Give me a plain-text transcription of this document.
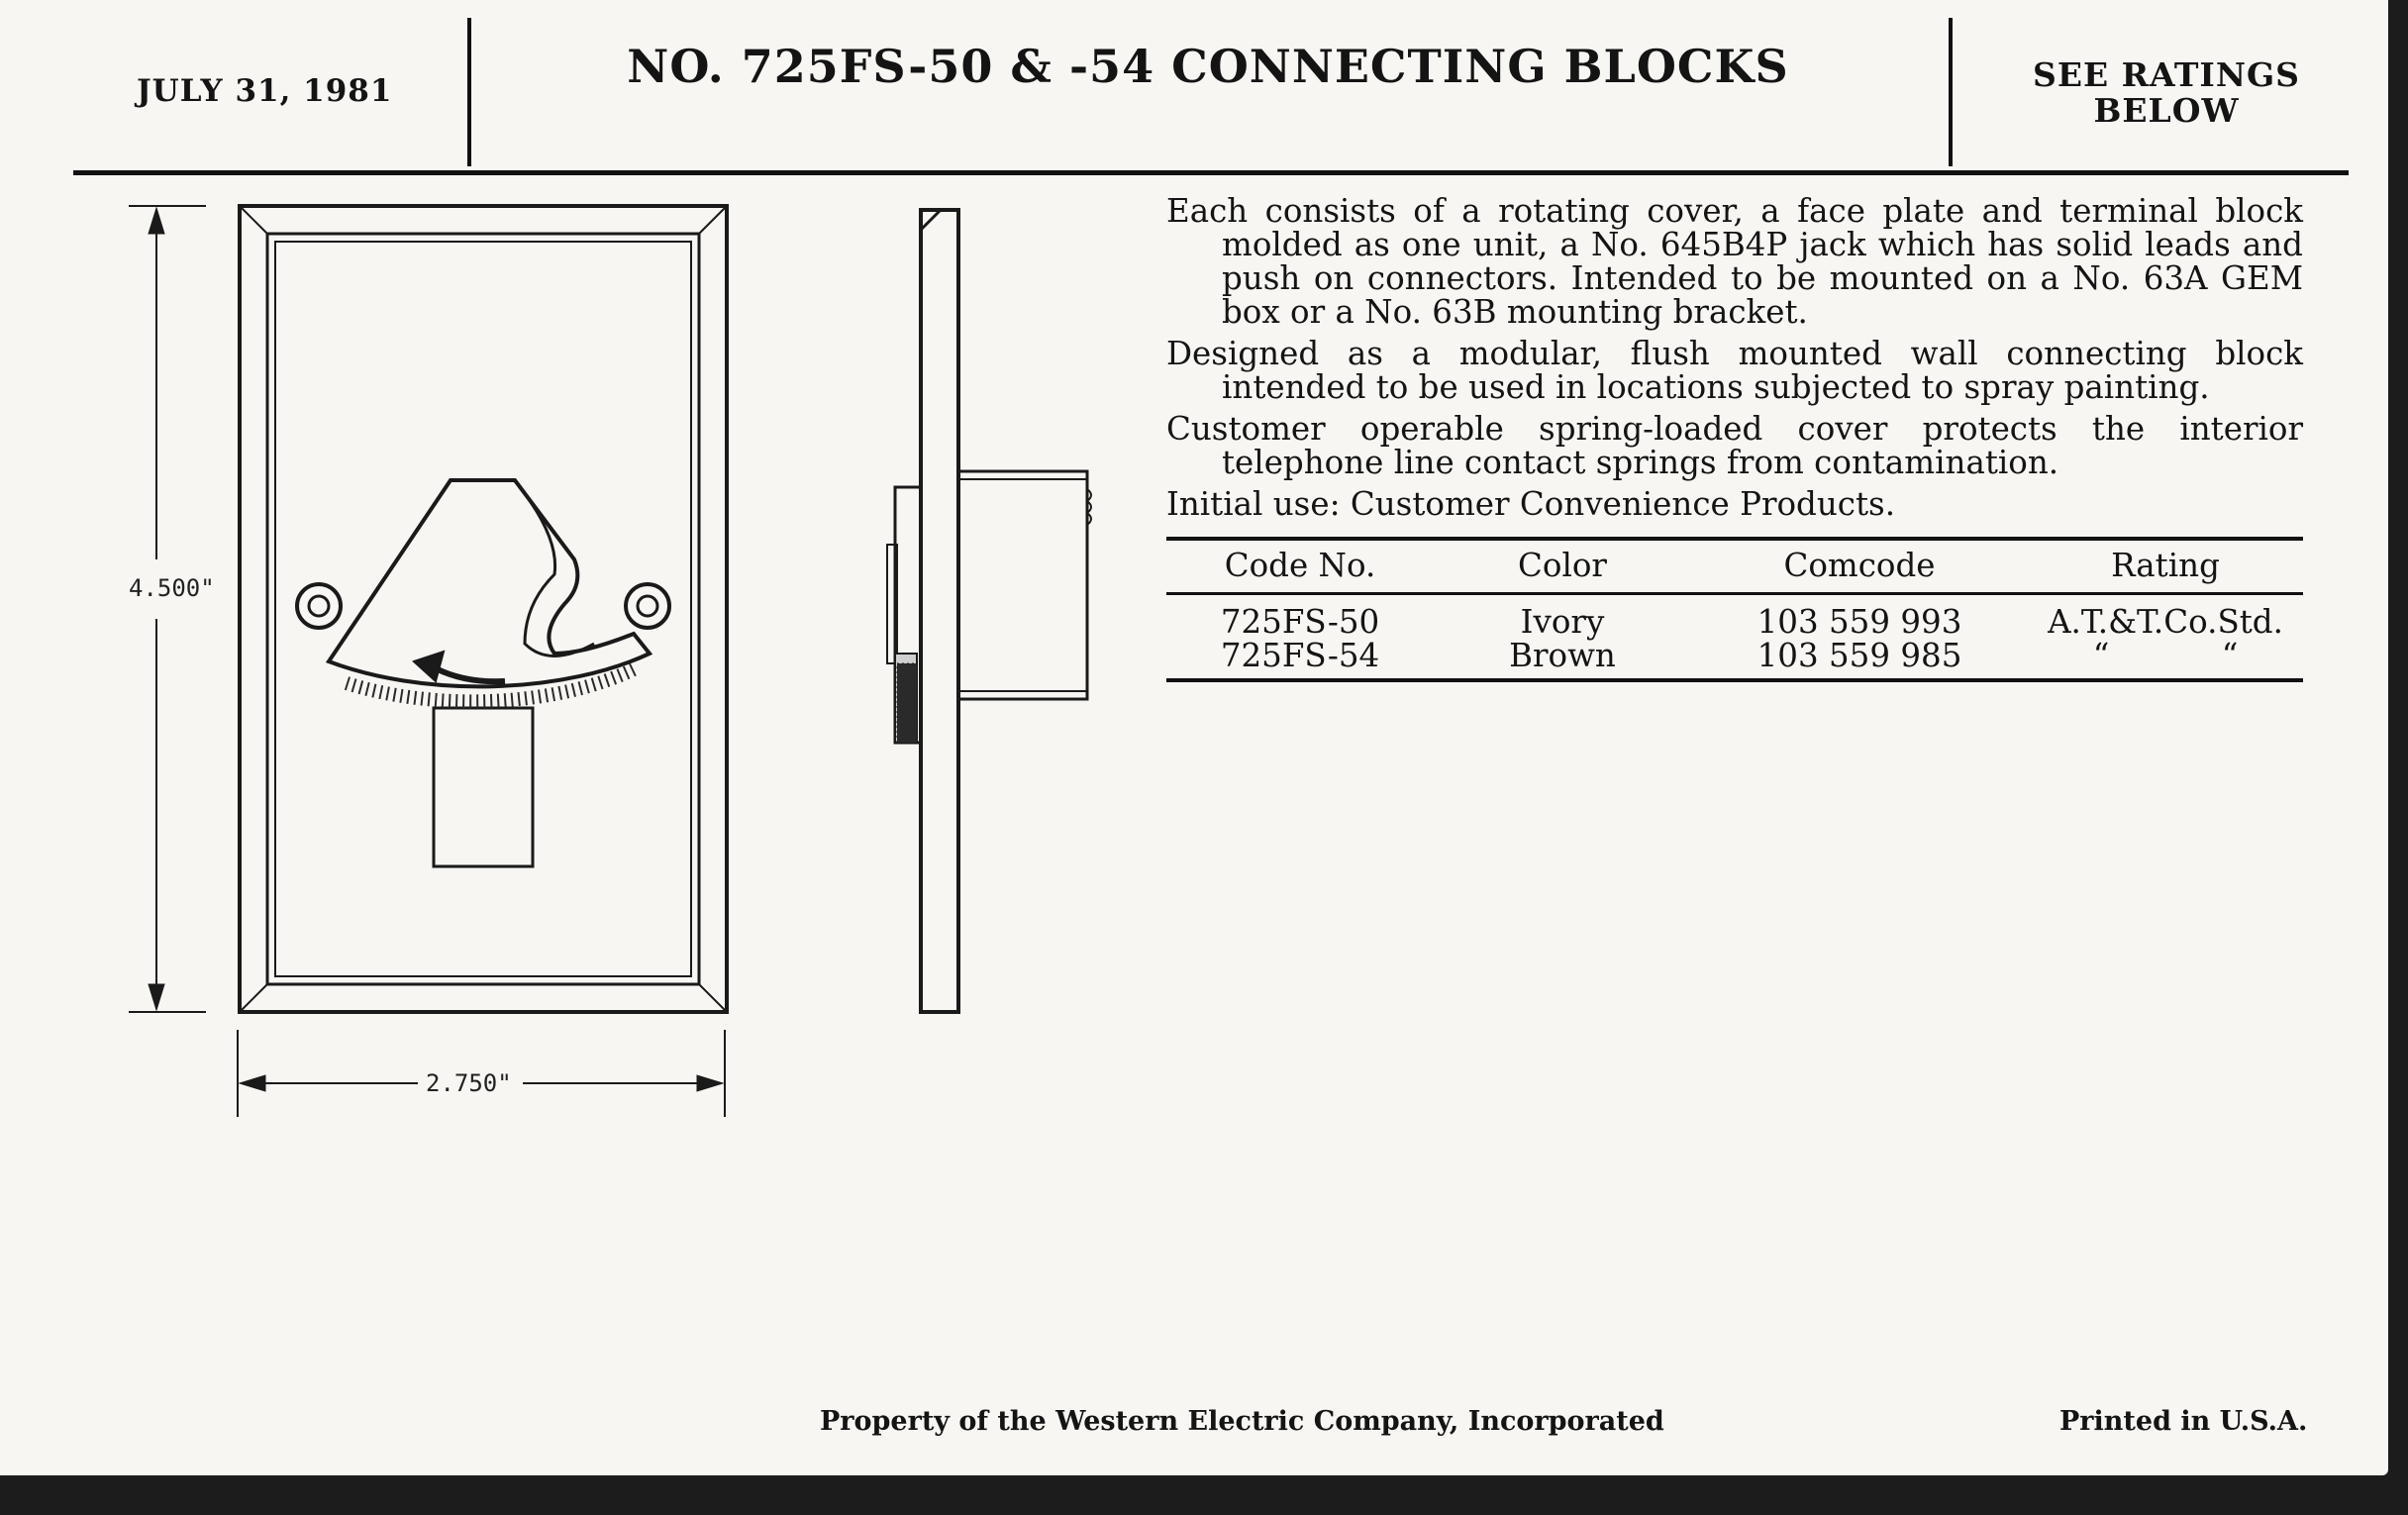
JULY 31, 1981	NO. 725FS-50 & -54 CONNECTING BLOCKS	SEE RATINGS
BELOW
4.500"
2.750"

Each consists of a rotating cover, a face plate and terminal block molded as one unit, a No. 645B4P jack which has solid leads and push on connectors. Intended to be mounted on a No. 63A GEM box or a No. 63B mounting bracket.

Designed as a modular, flush mounted wall connecting block intended to be used in locations subjected to spray painting.

Customer operable spring-loaded cover protects the interior telephone line contact springs from contamination.

Initial use: Customer Convenience Products.

Code No.	Color	Comcode	Rating
725FS-50	Ivory	103 559 993	A.T.&T.Co.Std.
725FS-54	Brown	103 559 985	“ “
Property of the Western Electric Company, Incorporated	Printed in U.S.A.
